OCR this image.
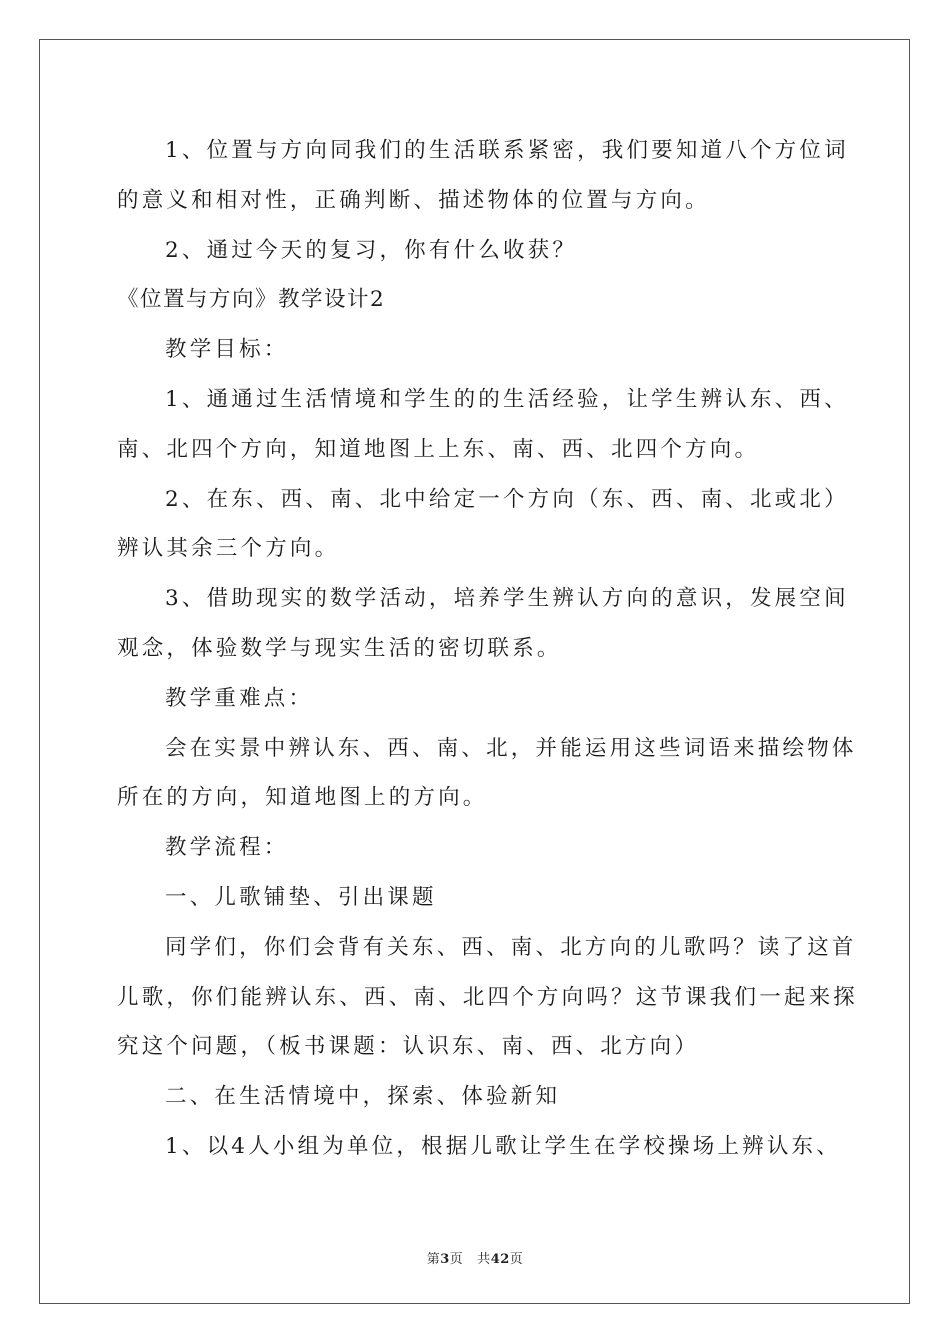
1、位置与方向同我们的生活联系紧密，我们要知道八个方位词
的意义和相对性，正确判断、描述物体的位置与方向。
2、通过今天的复习，你有什么收获？
《位置与方向》教学设计2
教学目标：
1、通通过生活情境和学生的的生活经验，让学生辨认东、西、
南、北四个方向，知道地图上上东、南、西、北四个方向。
2、在东、西、南、北中给定一个方向（东、西、南、北或北）
辨认其余三个方向。
3、借助现实的数学活动，培养学生辨认方向的意识，发展空间
观念，体验数学与现实生活的密切联系。
教学重难点：
会在实景中辨认东、西、南、北，并能运用这些词语来描绘物体
所在的方向，知道地图上的方向。
教学流程：
一、儿歌铺垫、引出课题
同学们，你们会背有关东、西、南、北方向的儿歌吗？读了这首
儿歌，你们能辨认东、西、南、北四个方向吗？这节课我们一起来探
究这个问题，（板书课题：认识东、南、西、北方向）
二、在生活情境中，探索、体验新知
1、以4人小组为单位，根据儿歌让学生在学校操场上辨认东、
第3页 共42页
